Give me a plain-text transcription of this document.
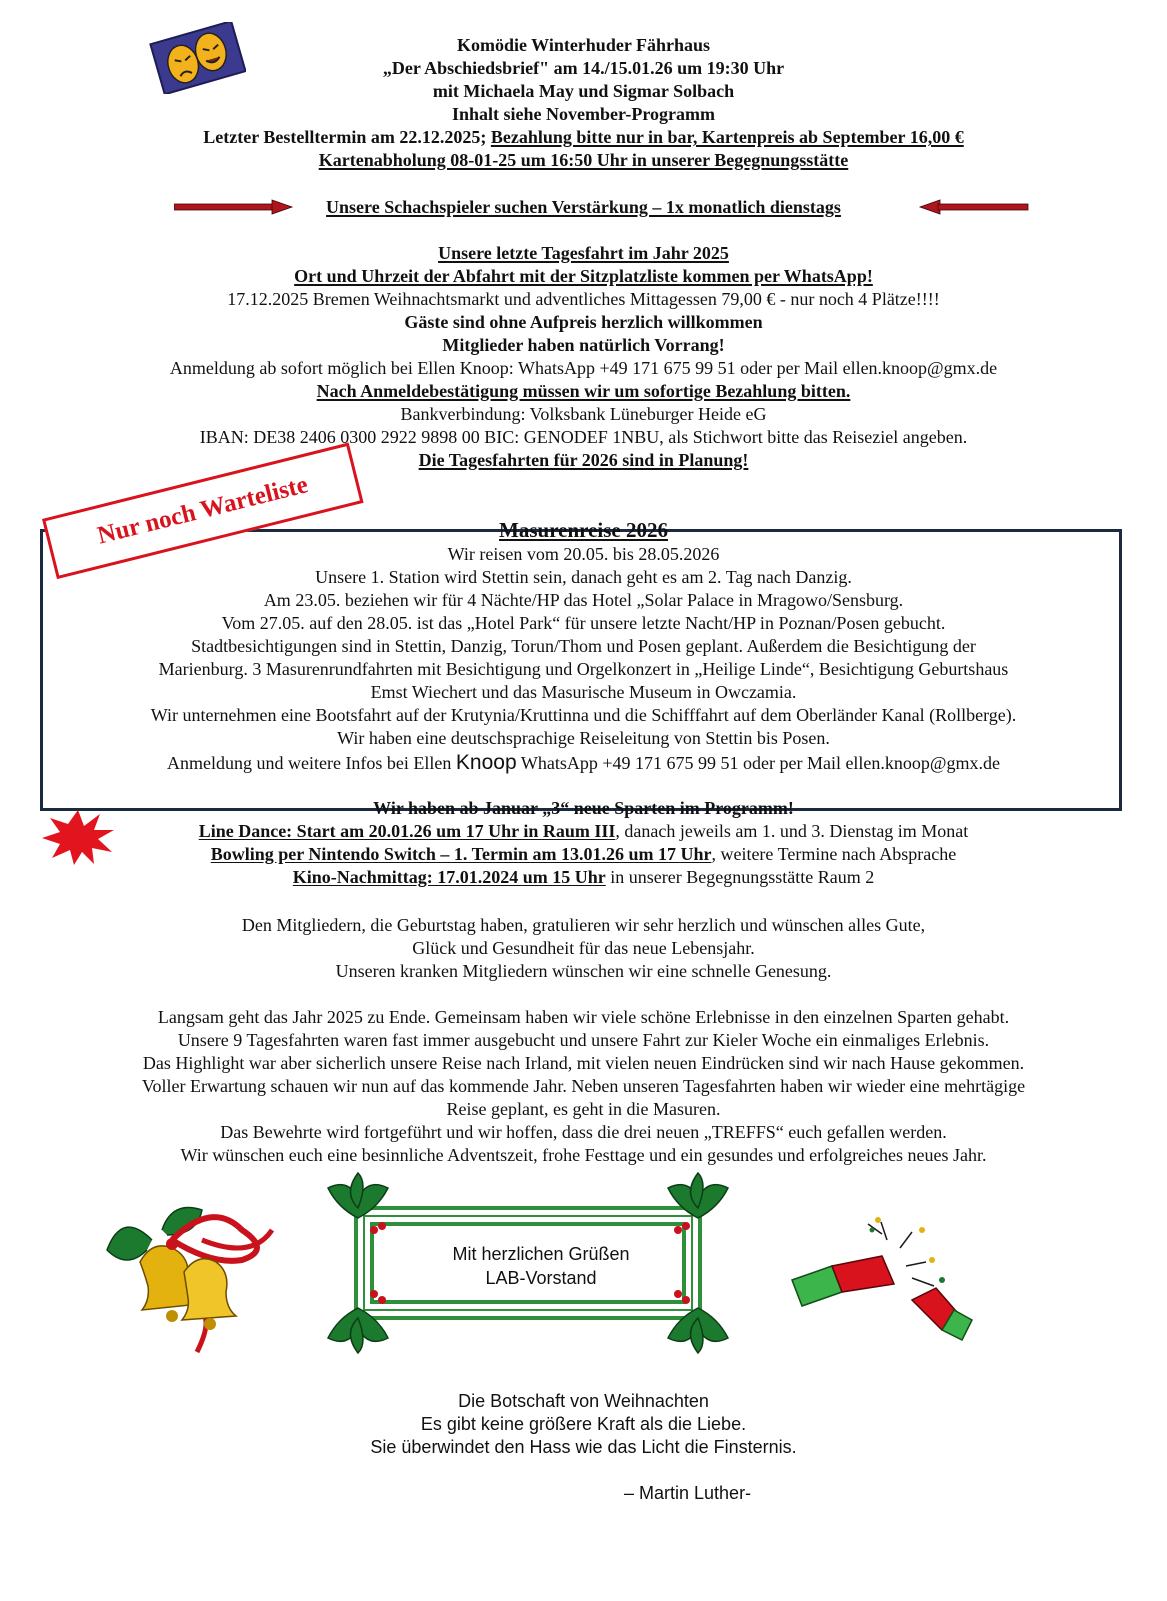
Komödie Winterhuder Fährhaus
„Der Abschiedsbrief" am 14./15.01.26 um 19:30 Uhr
mit Michaela May und Sigmar Solbach
Inhalt siehe November-Programm
Letzter Bestelltermin am 22.12.2025; Bezahlung bitte nur in bar, Kartenpreis ab September 16,00 €
Kartenabholung 08-01-25 um 16:50 Uhr in unserer Begegnungsstätte
Unsere Schachspieler suchen Verstärkung – 1x monatlich dienstags
Unsere letzte Tagesfahrt im Jahr 2025
Ort und Uhrzeit der Abfahrt mit der Sitzplatzliste kommen per WhatsApp!
17.12.2025 Bremen Weihnachtsmarkt und adventliches Mittagessen 79,00 € - nur noch 4 Plätze!!!!
Gäste sind ohne Aufpreis herzlich willkommen
Mitglieder haben natürlich Vorrang!
Anmeldung ab sofort möglich bei Ellen Knoop: WhatsApp +49 171 675 99 51 oder per Mail ellen.knoop@gmx.de
Nach Anmeldebestätigung müssen wir um sofortige Bezahlung bitten.
Bankverbindung: Volksbank Lüneburger Heide eG
IBAN: DE38 2406 0300 2922 9898 00 BIC: GENODEF 1NBU, als Stichwort bitte das Reiseziel angeben.
Die Tagesfahrten für 2026 sind in Planung!
Masurenreise 2026
Wir reisen vom 20.05. bis 28.05.2026
Unsere 1. Station wird Stettin sein, danach geht es am 2. Tag nach Danzig.
Am 23.05. beziehen wir für 4 Nächte/HP das Hotel „Solar Palace in Mragowo/Sensburg.
Vom 27.05. auf den 28.05. ist das „Hotel Park“ für unsere letzte Nacht/HP in Poznan/Posen gebucht.
Stadtbesichtigungen sind in Stettin, Danzig, Torun/Thom und Posen geplant. Außerdem die Besichtigung der
Marienburg. 3 Masurenrundfahrten mit Besichtigung und Orgelkonzert in „Heilige Linde“, Besichtigung Geburtshaus
Emst Wiechert und das Masurische Museum in Owczamia.
Wir unternehmen eine Bootsfahrt auf der Krutynia/Kruttinna und die Schifffahrt auf dem Oberländer Kanal (Rollberge).
Wir haben eine deutschsprachige Reiseleitung von Stettin bis Posen.
Anmeldung und weitere Infos bei Ellen Knoop WhatsApp +49 171 675 99 51 oder per Mail ellen.knoop@gmx.de
Nur noch Warteliste
Wir haben ab Januar „3“ neue Sparten im Programm!
Line Dance: Start am 20.01.26 um 17 Uhr in Raum III, danach jeweils am 1. und 3. Dienstag im Monat
Bowling per Nintendo Switch – 1. Termin am 13.01.26 um 17 Uhr, weitere Termine nach Absprache
Kino-Nachmittag: 17.01.2024 um 15 Uhr in unserer Begegnungsstätte Raum 2
Den Mitgliedern, die Geburtstag haben, gratulieren wir sehr herzlich und wünschen alles Gute,
Glück und Gesundheit für das neue Lebensjahr.
Unseren kranken Mitgliedern wünschen wir eine schnelle Genesung.
Langsam geht das Jahr 2025 zu Ende. Gemeinsam haben wir viele schöne Erlebnisse in den einzelnen Sparten gehabt.
Unsere 9 Tagesfahrten waren fast immer ausgebucht und unsere Fahrt zur Kieler Woche ein einmaliges Erlebnis.
Das Highlight war aber sicherlich unsere Reise nach Irland, mit vielen neuen Eindrücken sind wir nach Hause gekommen.
Voller Erwartung schauen wir nun auf das kommende Jahr. Neben unseren Tagesfahrten haben wir wieder eine mehrtägige
Reise geplant, es geht in die Masuren.
Das Bewehrte wird fortgeführt und wir hoffen, dass die drei neuen „TREFFS“ euch gefallen werden.
Wir wünschen euch eine besinnliche Adventszeit, frohe Festtage und ein gesundes und erfolgreiches neues Jahr.
Mit herzlichen Grüßen
LAB-Vorstand
Die Botschaft von Weihnachten
Es gibt keine größere Kraft als die Liebe.
Sie überwindet den Hass wie das Licht die Finsternis.
– Martin Luther-
